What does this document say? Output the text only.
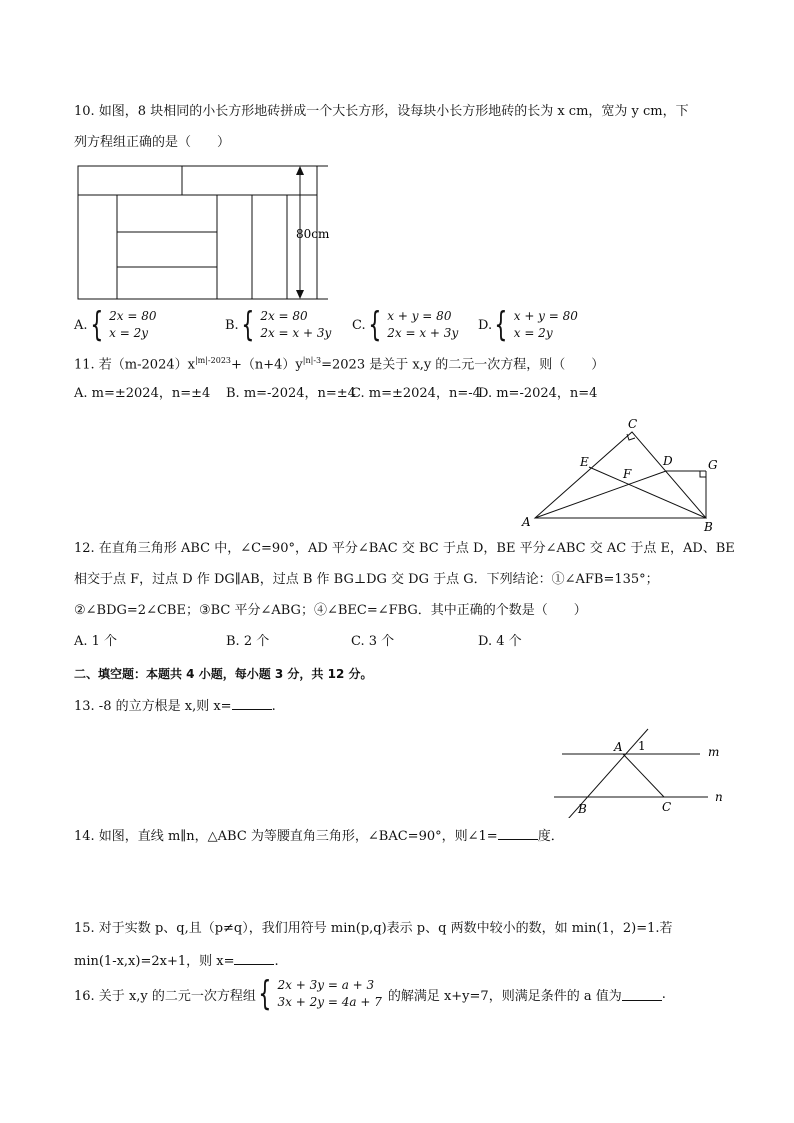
10. 如图，8 块相同的小长方形地砖拼成一个大长方形，设每块小长方形地砖的长为 x cm，宽为 y cm，下
列方程组正确的是（　　）
80cm
A. { 2x = 80
x = 2y
B. { 2x = 80
2x = x + 3y
C. { x + y = 80
2x = x + 3y
D. { x + y = 80
x = 2y
11. 若$(m-2024)x^{|m|-2023}+(n+4)y^{|n|-3}=2023$ 是关于 x,y 的二元一次方程，则（　　）
A. m=±2024，n=±4 B. m=-2024，n=±4
C. m=±2024，n=-4
D. m=-2024，n=4
C
E
F
D	G
A	B
12. 在直角三角形 ABC 中，∠C=90°，AD 平分∠BAC 交 BC 于点 D，BE 平分∠ABC 交 AC 于点 E，AD、BE
相交于点 F，过点 D 作 DG∥AB，过点 B 作 BG⊥DG 交 DG 于点 G．下列结论：①∠AFB=135°；
②∠BDG=2∠CBE；③BC 平分∠ABG；④∠BEC=∠FBG．其中正确的个数是（　　）
A. 1 个	B. 2 个	C. 3 个	D. 4 个
二、填空题：本题共 4 小题，每小题 3 分，共 12 分。
13. -8 的立方根是 x,则 x=	.
A 1	m
n
B	C
14. 如图，直线 m∥n，△ABC 为等腰直角三角形，∠BAC=90°，则∠1=	度．
15. 对于实数 p、q,且（p≠q），我们用符号 min(p,q)表示 p、q 两数中较小的数，如 min(1，2)=1.若
min(1-x,x)=2x+1，则 x=	.
16. 关于 x,y 的二元一次方程组 { 2x + 3y = a + 3
3x + 2y = 4a + 7 的解满足 x+y=7，则满足条件的 a 值为	.
